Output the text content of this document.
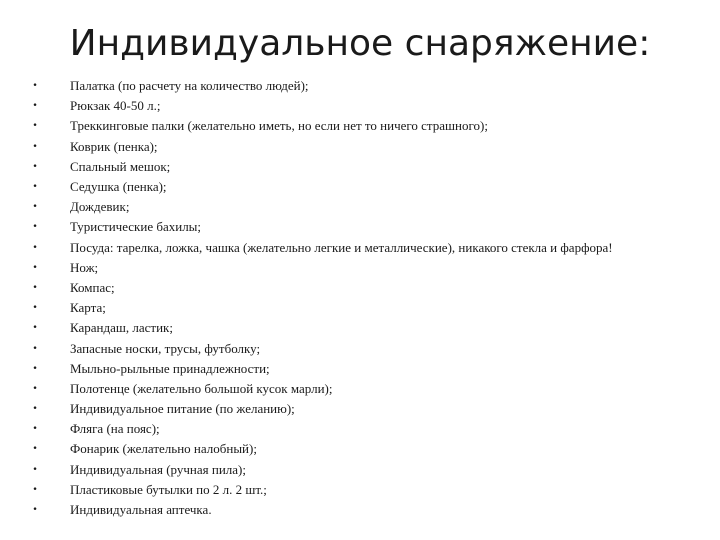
Индивидуальное снаряжение:
• Палатка (по расчету на количество людей);
• Рюкзак 40-50 л.;
• Треккинговые палки (желательно иметь, но если нет то ничего страшного);
• Коврик (пенка);
• Спальный мешок;
• Седушка (пенка);
• Дождевик;
• Туристические бахилы;
• Посуда: тарелка, ложка, чашка (желательно легкие и металлические), никакого стекла и фарфора!
• Нож;
• Компас;
• Карта;
• Карандаш, ластик;
• Запасные носки, трусы, футболку;
• Мыльно-рыльные принадлежности;
• Полотенце (желательно большой кусок марли);
• Индивидуальное питание (по желанию);
• Фляга (на пояс);
• Фонарик (желательно налобный);
• Индивидуальная (ручная пила);
• Пластиковые бутылки по 2 л. 2 шт.;
• Индивидуальная аптечка.
